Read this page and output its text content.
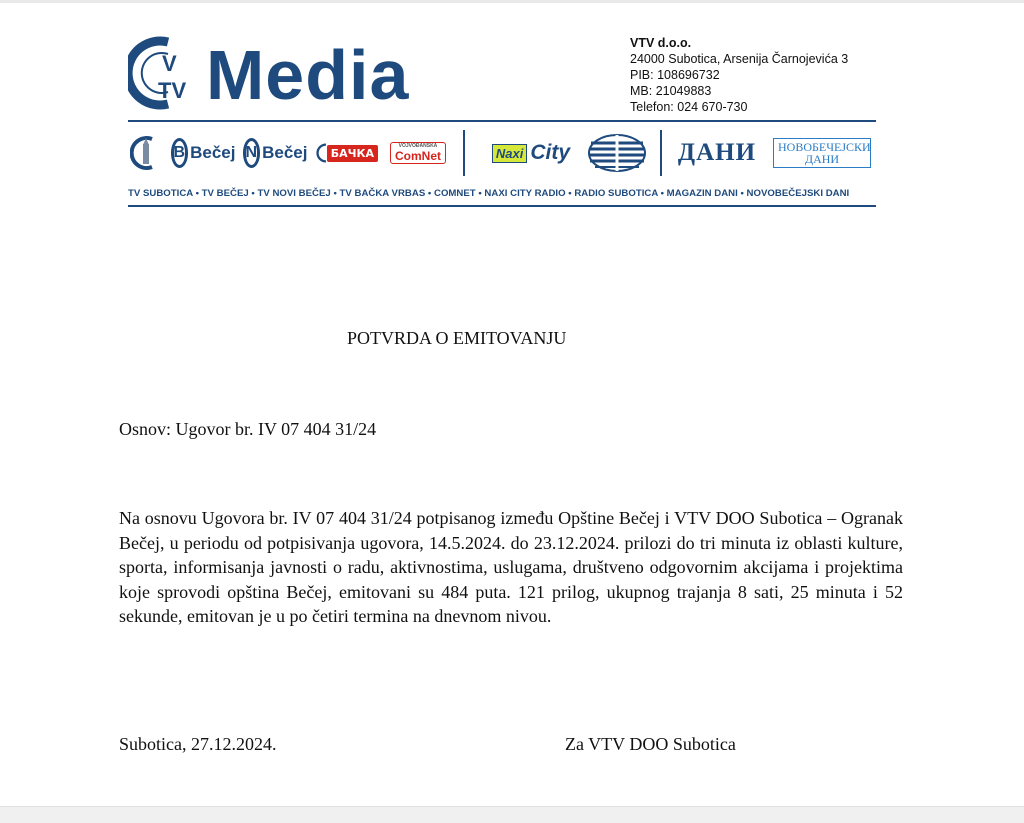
V
TV Media	VTV d.o.o.
24000 Subotica, Arsenija Čarnojevića 3
PIB: 108696732
MB: 21049883
Telefon: 024 670-730
B Bečej N Bečej	БАЧКА
VOJVOĐANSKA
ComNet	Naxi City	ДАНИ	НОВОБЕЧЕЈСКИ ДАНИ
TV SUBOTICA • TV BEČEJ • TV NOVI BEČEJ • TV BAČKA VRBAS • COMNET • NAXI CITY RADIO • RADIO SUBOTICA • MAGAZIN DANI • NOVOBEČEJSKI DANI
POTVRDA O EMITOVANJU
Osnov: Ugovor br. IV 07 404 31/24
Na osnovu Ugovora br. IV 07 404 31/24 potpisanog između Opštine Bečej i VTV DOO Subotica – Ogranak Bečej, u periodu od potpisivanja ugovora, 14.5.2024. do 23.12.2024. prilozi do tri minuta iz oblasti kulture, sporta, informisanja javnosti o radu, aktivnostima, uslugama, društveno odgovornim akcijama i projektima koje sprovodi opština Bečej, emitovani su 484 puta. 121 prilog, ukupnog trajanja 8 sati, 25 minuta i 52 sekunde, emitovan je u po četiri termina na dnevnom nivou.
Subotica, 27.12.2024.	Za VTV DOO Subotica
